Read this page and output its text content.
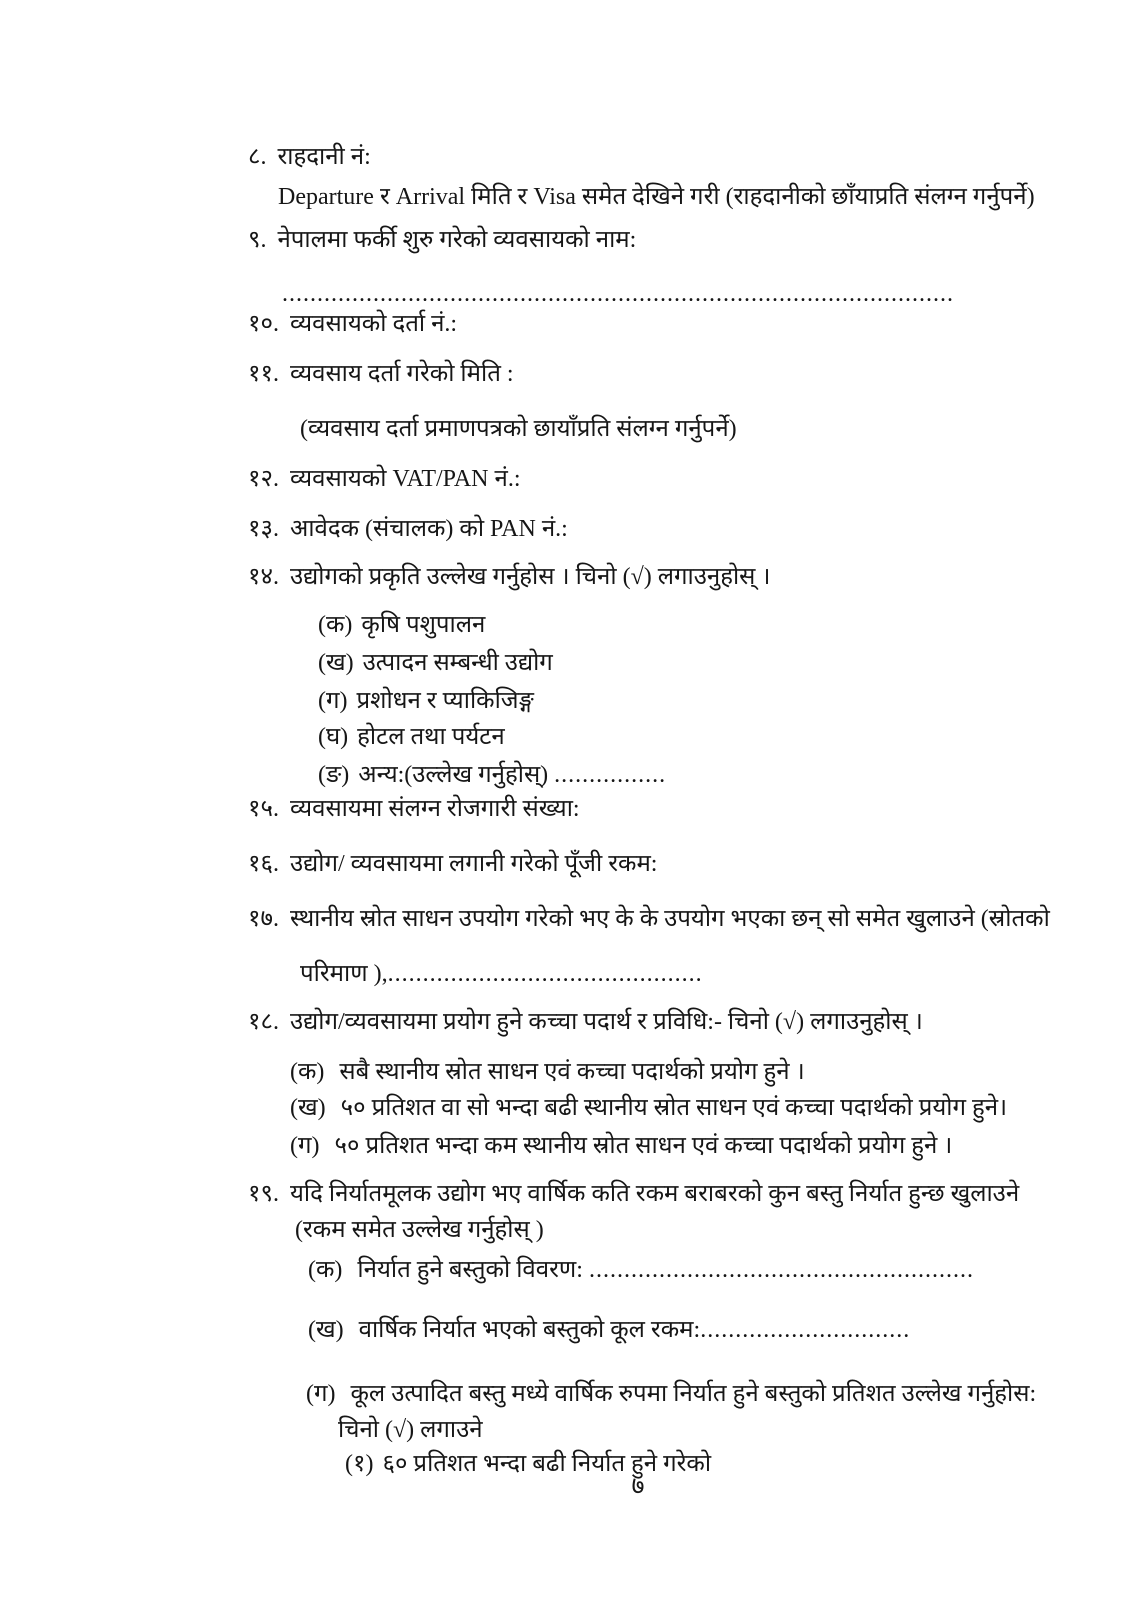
८. राहदानी नं:
Departure र Arrival मिति र Visa समेत देखिने गरी (राहदानीको छाँयाप्रति संलग्न गर्नुपर्ने)
९. नेपालमा फर्की शुरु गरेको व्यवसायको नाम:
................................................................................................
१०. व्यवसायको दर्ता नं.:
११. व्यवसाय दर्ता गरेको मिति :
(व्यवसाय दर्ता प्रमाणपत्रको छायाँप्रति संलग्न गर्नुपर्ने)
१२. व्यवसायको VAT/PAN नं.:
१३. आवेदक (संचालक) को PAN नं.:
१४. उद्योगको प्रकृति उल्लेख गर्नुहोस । चिनो (√) लगाउनुहोस् ।
(क) कृषि पशुपालन
(ख) उत्पादन सम्बन्धी उद्योग
(ग) प्रशोधन र प्याकिजिङ्ग
(घ) होटल तथा पर्यटन
(ङ) अन्य:(उल्लेख गर्नुहोस्) ................
१५. व्यवसायमा संलग्न रोजगारी संख्या:
१६. उद्योग/ व्यवसायमा लगानी गरेको पूँजी रकम:
१७. स्थानीय स्रोत साधन उपयोग गरेको भए के के उपयोग भएका छन् सो समेत खुलाउने (स्रोतको
परिमाण ),.............................................
१८. उद्योग/व्यवसायमा प्रयोग हुने कच्चा पदार्थ र प्रविधि:- चिनो (√) लगाउनुहोस् ।
(क) सबै स्थानीय स्रोत साधन एवं कच्चा पदार्थको प्रयोग हुने ।
(ख) ५० प्रतिशत वा सो भन्दा बढी स्थानीय स्रोत साधन एवं कच्चा पदार्थको प्रयोग हुने।
(ग) ५० प्रतिशत भन्दा कम स्थानीय स्रोत साधन एवं कच्चा पदार्थको प्रयोग हुने ।
१९. यदि निर्यातमूलक उद्योग भए वार्षिक कति रकम बराबरको कुन बस्तु निर्यात हुन्छ खुलाउने
(रकम समेत उल्लेख गर्नुहोस् )
(क) निर्यात हुने बस्तुको विवरण: .......................................................
(ख) वार्षिक निर्यात भएको बस्तुको कूल रकम:..............................
(ग) कूल उत्पादित बस्तु मध्ये वार्षिक रुपमा निर्यात हुने बस्तुको प्रतिशत उल्लेख गर्नुहोस:
चिनो (√) लगाउने
(१) ६० प्रतिशत भन्दा बढी निर्यात हुने गरेको
७
